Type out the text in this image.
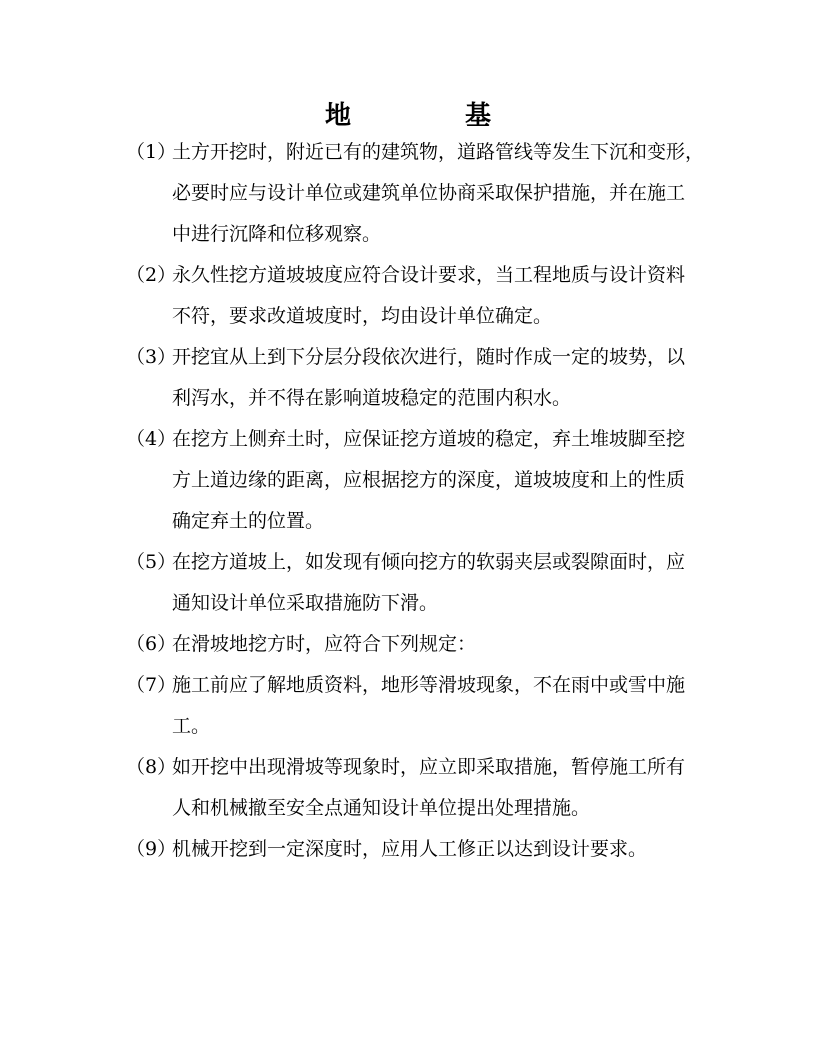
地　基
（1）
土方开挖时，附近已有的建筑物，道路管线等发生下沉和变形，
必要时应与设计单位或建筑单位协商采取保护措施，并在施工
中进行沉降和位移观察。
（2）
永久性挖方道坡坡度应符合设计要求，当工程地质与设计资料
不符，要求改道坡度时，均由设计单位确定。
（3）
开挖宜从上到下分层分段依次进行，随时作成一定的坡势，以
利泻水，并不得在影响道坡稳定的范围内积水。
（4）
在挖方上侧弃土时，应保证挖方道坡的稳定，弃土堆坡脚至挖
方上道边缘的距离，应根据挖方的深度，道坡坡度和上的性质
确定弃土的位置。
（5）
在挖方道坡上，如发现有倾向挖方的软弱夹层或裂隙面时，应
通知设计单位采取措施防下滑。
（6）
在滑坡地挖方时，应符合下列规定：
（7）
施工前应了解地质资料，地形等滑坡现象，不在雨中或雪中施
工。
（8）
如开挖中出现滑坡等现象时，应立即采取措施，暂停施工所有
人和机械撤至安全点通知设计单位提出处理措施。
（9）
机械开挖到一定深度时，应用人工修正以达到设计要求。
